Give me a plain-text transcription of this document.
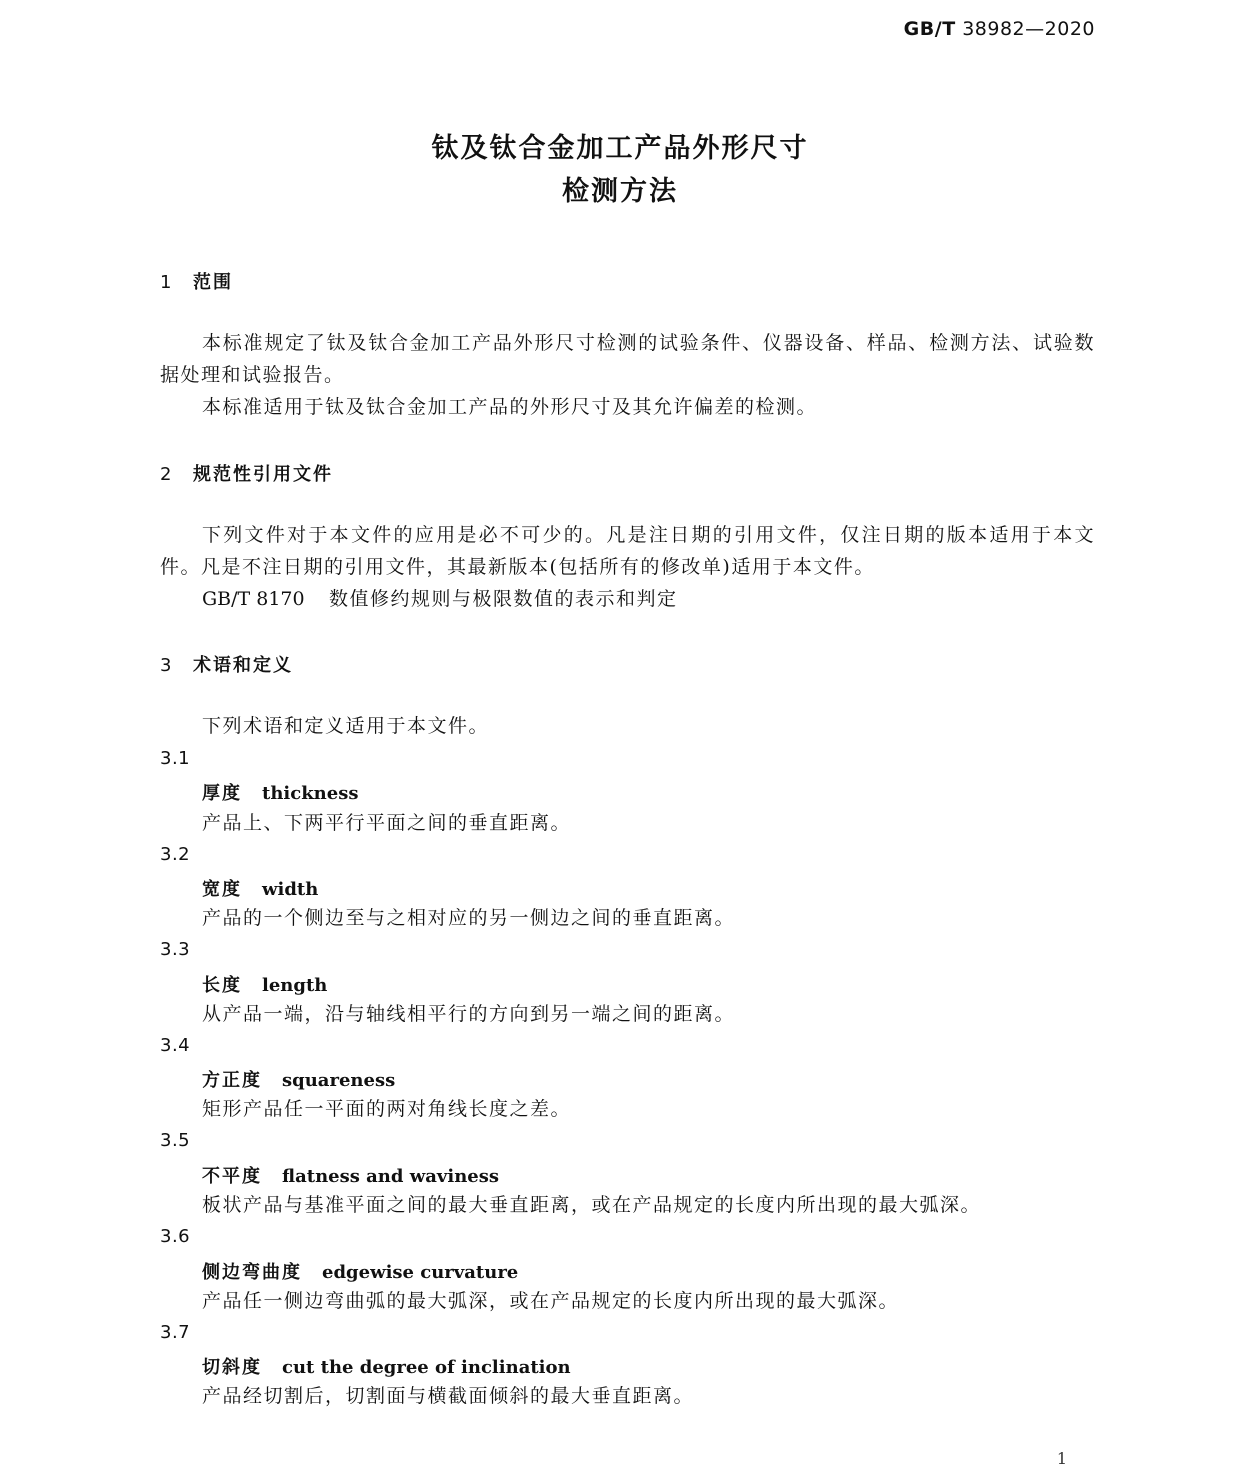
GB/T 38982—2020
钛及钛合金加工产品外形尺寸
检测方法
1 范围
本标准规定了钛及钛合金加工产品外形尺寸检测的试验条件、仪器设备、样品、检测方法、试验数据处理和试验报告。
本标准适用于钛及钛合金加工产品的外形尺寸及其允许偏差的检测。
2 规范性引用文件
下列文件对于本文件的应用是必不可少的。凡是注日期的引用文件，仅注日期的版本适用于本文件。凡是不注日期的引用文件，其最新版本(包括所有的修改单)适用于本文件。
GB/T 8170 数值修约规则与极限数值的表示和判定
3 术语和定义
下列术语和定义适用于本文件。
3.1
厚度 thickness
产品上、下两平行平面之间的垂直距离。
3.2
宽度 width
产品的一个侧边至与之相对应的另一侧边之间的垂直距离。
3.3
长度 length
从产品一端，沿与轴线相平行的方向到另一端之间的距离。
3.4
方正度 squareness
矩形产品任一平面的两对角线长度之差。
3.5
不平度 flatness and waviness
板状产品与基准平面之间的最大垂直距离，或在产品规定的长度内所出现的最大弧深。
3.6
侧边弯曲度 edgewise curvature
产品任一侧边弯曲弧的最大弧深，或在产品规定的长度内所出现的最大弧深。
3.7
切斜度 cut the degree of inclination
产品经切割后，切割面与横截面倾斜的最大垂直距离。
1
